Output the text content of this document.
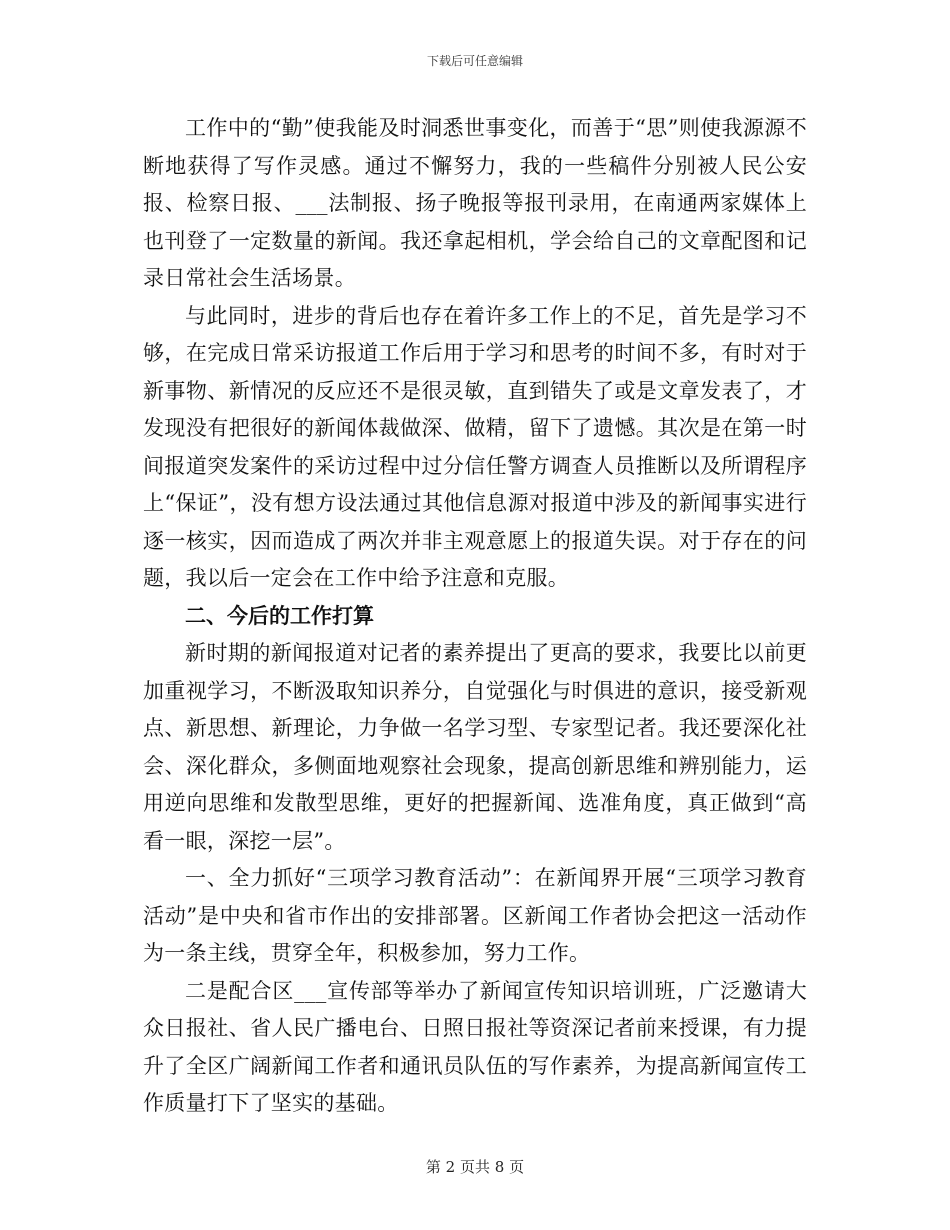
下载后可任意编辑

工作中的“勤”使我能及时洞悉世事变化，而善于“思”则使我源源不断地获得了写作灵感。通过不懈努力，我的一些稿件分别被人民公安报、检察日报、___法制报、扬子晚报等报刊录用，在南通两家媒体上也刊登了一定数量的新闻。我还拿起相机，学会给自己的文章配图和记录日常社会生活场景。

与此同时，进步的背后也存在着许多工作上的不足，首先是学习不够，在完成日常采访报道工作后用于学习和思考的时间不多，有时对于新事物、新情况的反应还不是很灵敏，直到错失了或是文章发表了，才发现没有把很好的新闻体裁做深、做精，留下了遗憾。其次是在第一时间报道突发案件的采访过程中过分信任警方调查人员推断以及所谓程序上“保证”，没有想方设法通过其他信息源对报道中涉及的新闻事实进行逐一核实，因而造成了两次并非主观意愿上的报道失误。对于存在的问题，我以后一定会在工作中给予注意和克服。

二、今后的工作打算

新时期的新闻报道对记者的素养提出了更高的要求，我要比以前更加重视学习，不断汲取知识养分，自觉强化与时俱进的意识，接受新观点、新思想、新理论，力争做一名学习型、专家型记者。我还要深化社会、深化群众，多侧面地观察社会现象，提高创新思维和辨别能力，运用逆向思维和发散型思维，更好的把握新闻、选准角度，真正做到“高看一眼，深挖一层”。

一、全力抓好“三项学习教育活动”：在新闻界开展“三项学习教育活动”是中央和省市作出的安排部署。区新闻工作者协会把这一活动作为一条主线，贯穿全年，积极参加，努力工作。

二是配合区___宣传部等举办了新闻宣传知识培训班，广泛邀请大众日报社、省人民广播电台、日照日报社等资深记者前来授课，有力提升了全区广阔新闻工作者和通讯员队伍的写作素养，为提高新闻宣传工作质量打下了坚实的基础。

第 2 页共 8 页
